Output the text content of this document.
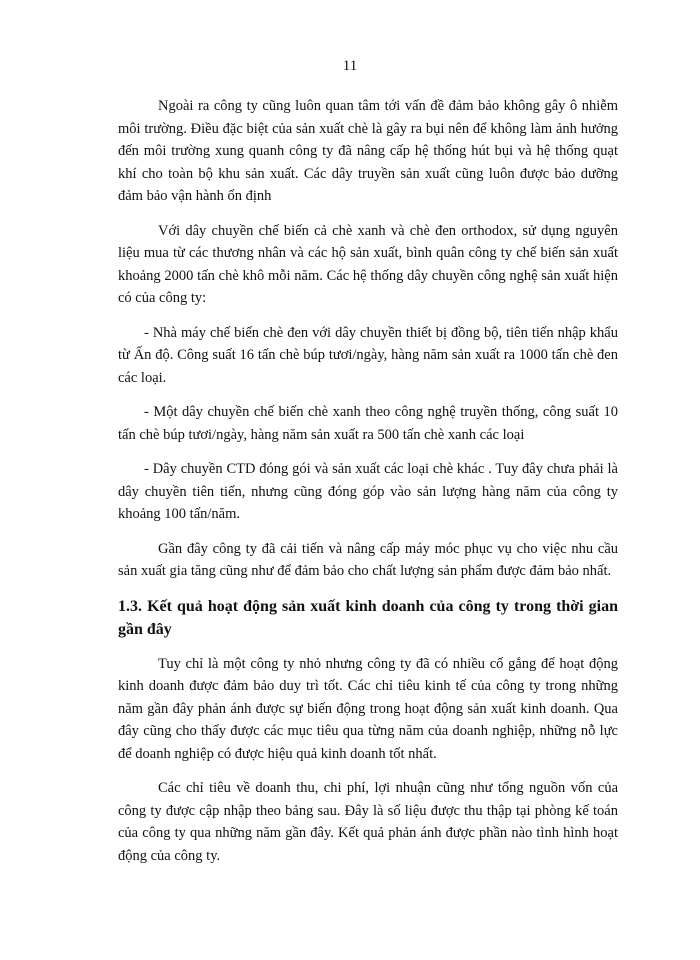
11

Ngoài ra công ty cũng luôn quan tâm tới vấn đề đảm bảo không gây ô nhiễm môi trường. Điều đặc biệt của sản xuất chè là gây ra bụi nên để không làm ảnh hưởng đến môi trường xung quanh công ty đã nâng cấp hệ thống hút bụi và hệ thống quạt khí cho toàn bộ khu sản xuất. Các dây truyền sản xuất cũng luôn được bảo dưỡng đảm bảo vận hành ổn định

Với dây chuyền chế biến cả chè xanh và chè đen orthodox, sử dụng nguyên liệu mua từ các thương nhân và các hộ sản xuất, bình quân công ty chế biến sản xuất khoảng 2000 tấn chè khô mỗi năm. Các hệ thống dây chuyền công nghệ sản xuất hiện có của công ty:

- Nhà máy chế biến chè đen với dây chuyền thiết bị đồng bộ, tiên tiến nhập khẩu từ Ấn độ. Công suất 16 tấn chè búp tươi/ngày, hàng năm sản xuất ra 1000 tấn chè đen các loại.

- Một dây chuyền chế biến chè xanh theo công nghệ truyền thống, công suất 10 tấn chè búp tươi/ngày, hàng năm sản xuất ra 500 tấn chè xanh các loại

- Dây chuyền CTD đóng gói và sản xuất các loại chè khác . Tuy đây chưa phải là dây chuyền tiên tiến, nhưng cũng đóng góp vào sản lượng hàng năm của công ty khoảng 100 tấn/năm.

Gần đây công ty đã cải tiến và nâng cấp máy móc phục vụ cho việc nhu cầu sản xuất gia tăng cũng như để đảm bảo cho chất lượng sản phẩm được đảm bảo nhất.

1.3. Kết quả hoạt động sản xuất kinh doanh của công ty trong thời gian gần đây

Tuy chỉ là một công ty nhỏ nhưng công ty đã có nhiều cố gắng để hoạt động kinh doanh được đảm bảo duy trì tốt. Các chỉ tiêu kinh tế của công ty trong những năm gần đây phản ánh được sự biến động trong hoạt động sản xuất kinh doanh. Qua đây cũng cho thấy được các mục tiêu qua từng năm của doanh nghiệp, những nỗ lực để doanh nghiệp có được hiệu quả kinh doanh tốt nhất.

Các chỉ tiêu về doanh thu, chi phí, lợi nhuận cũng như tổng nguồn vốn của công ty được cập nhập theo bảng sau. Đây là số liệu được thu thập tại phòng kế toán của công ty qua những năm gần đây. Kết quả phản ánh được phần nào tình hình hoạt động của công ty.
